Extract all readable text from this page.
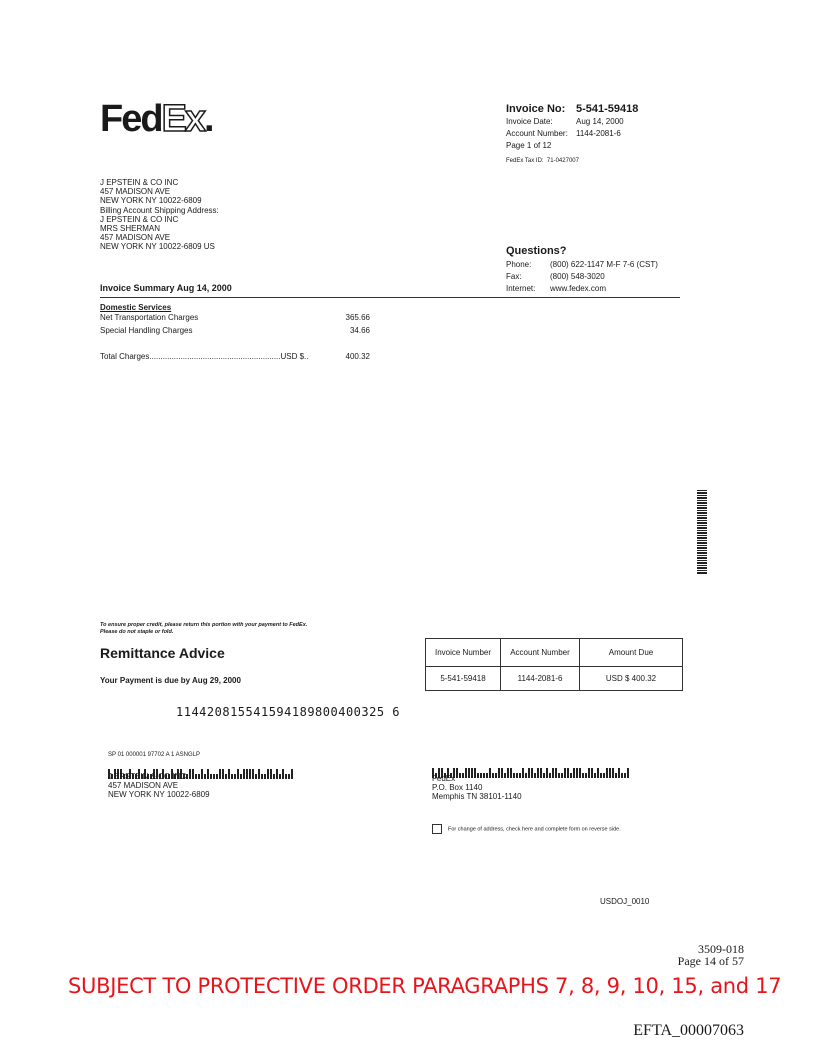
FedEx.	Invoice No: 5-541-59418
Invoice Date:	Aug 14, 2000
Account Number:	1144-2081-6
Page 1 of 12	
FedEx Tax ID: 71-0427007
J EPSTEIN & CO INC
457 MADISON AVE
NEW YORK NY 10022-6809
Billing Account Shipping Address:
J EPSTEIN & CO INC
MRS SHERMAN
457 MADISON AVE
NEW YORK NY 10022-6809 US	Questions?
Phone:	(800) 622-1147 M-F 7-6 (CST)
Fax:	(800) 548-3020
Internet:	www.fedex.com
Invoice Summary Aug 14, 2000
Domestic Services
Net Transportation Charges	365.66
Special Handling Charges	34.66
Total Charges...........................................................USD $..	400.32
To ensure proper credit, please return this portion with your payment to FedEx.
Please do not staple or fold.
Remittance Advice
Your Payment is due by Aug 29, 2000
Invoice Number	Account Number	Amount Due
5-541-59418	1144-2081-6	USD $ 400.32
114420815541594189800400325 6
SP 01 000001 97702 A 1 ASNGLP
J EPSTEIN & CO INC
457 MADISON AVE
NEW YORK NY 10022-6809
FedEx
P.O. Box 1140
Memphis TN 38101-1140
For change of address, check here and complete form on reverse side.
USDOJ_0010
3509-018
Page 14 of 57
SUBJECT TO PROTECTIVE ORDER PARAGRAPHS 7, 8, 9, 10, 15, and 17
EFTA_00007063
